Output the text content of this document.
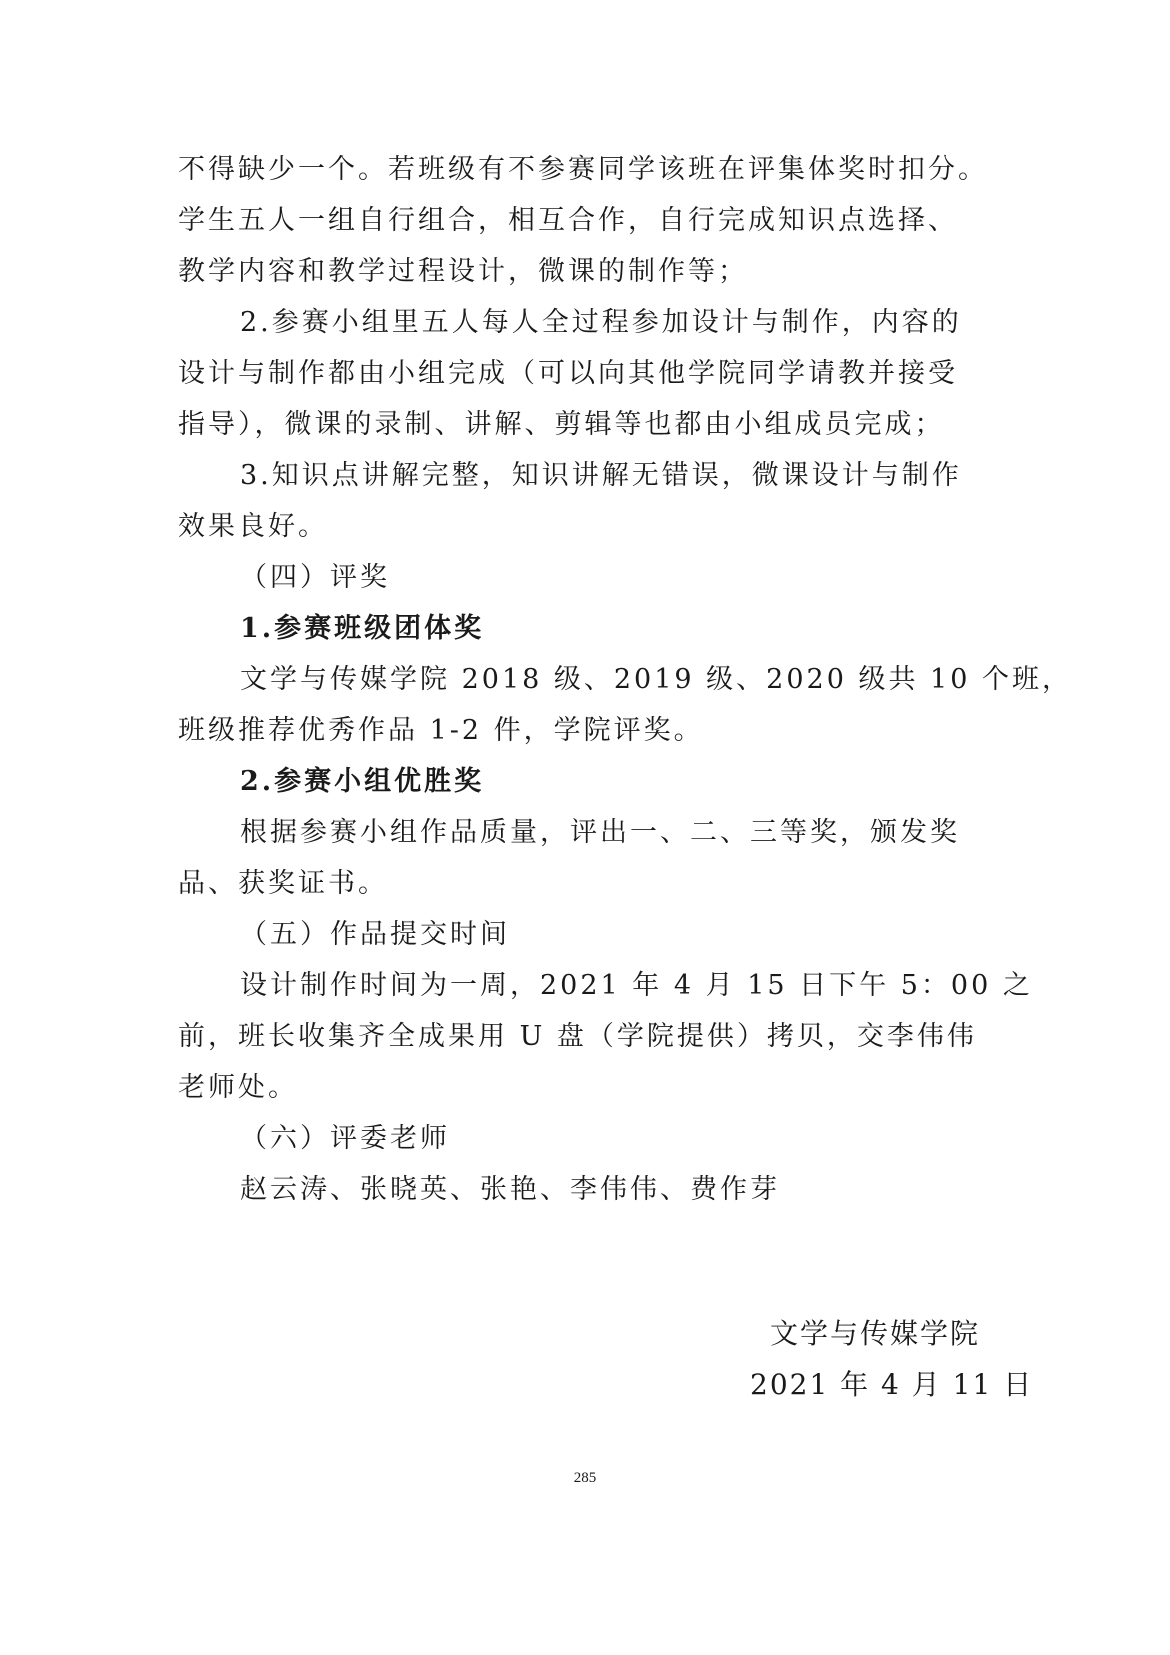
不得缺少一个。若班级有不参赛同学该班在评集体奖时扣分。

学生五人一组自行组合，相互合作，自行完成知识点选择、

教学内容和教学过程设计，微课的制作等；

2.参赛小组里五人每人全过程参加设计与制作，内容的

设计与制作都由小组完成（可以向其他学院同学请教并接受

指导），微课的录制、讲解、剪辑等也都由小组成员完成；

3.知识点讲解完整，知识讲解无错误，微课设计与制作

效果良好。

（四）评奖

1.参赛班级团体奖

文学与传媒学院 2018 级、2019 级、2020 级共 10 个班，

班级推荐优秀作品 1-2 件，学院评奖。

2.参赛小组优胜奖

根据参赛小组作品质量，评出一、二、三等奖，颁发奖

品、获奖证书。

（五）作品提交时间

设计制作时间为一周，2021 年 4 月 15 日下午 5：00 之

前，班长收集齐全成果用 U 盘（学院提供）拷贝，交李伟伟

老师处。

（六）评委老师

赵云涛、张晓英、张艳、李伟伟、费作芽

文学与传媒学院
2021 年 4 月 11 日
285
